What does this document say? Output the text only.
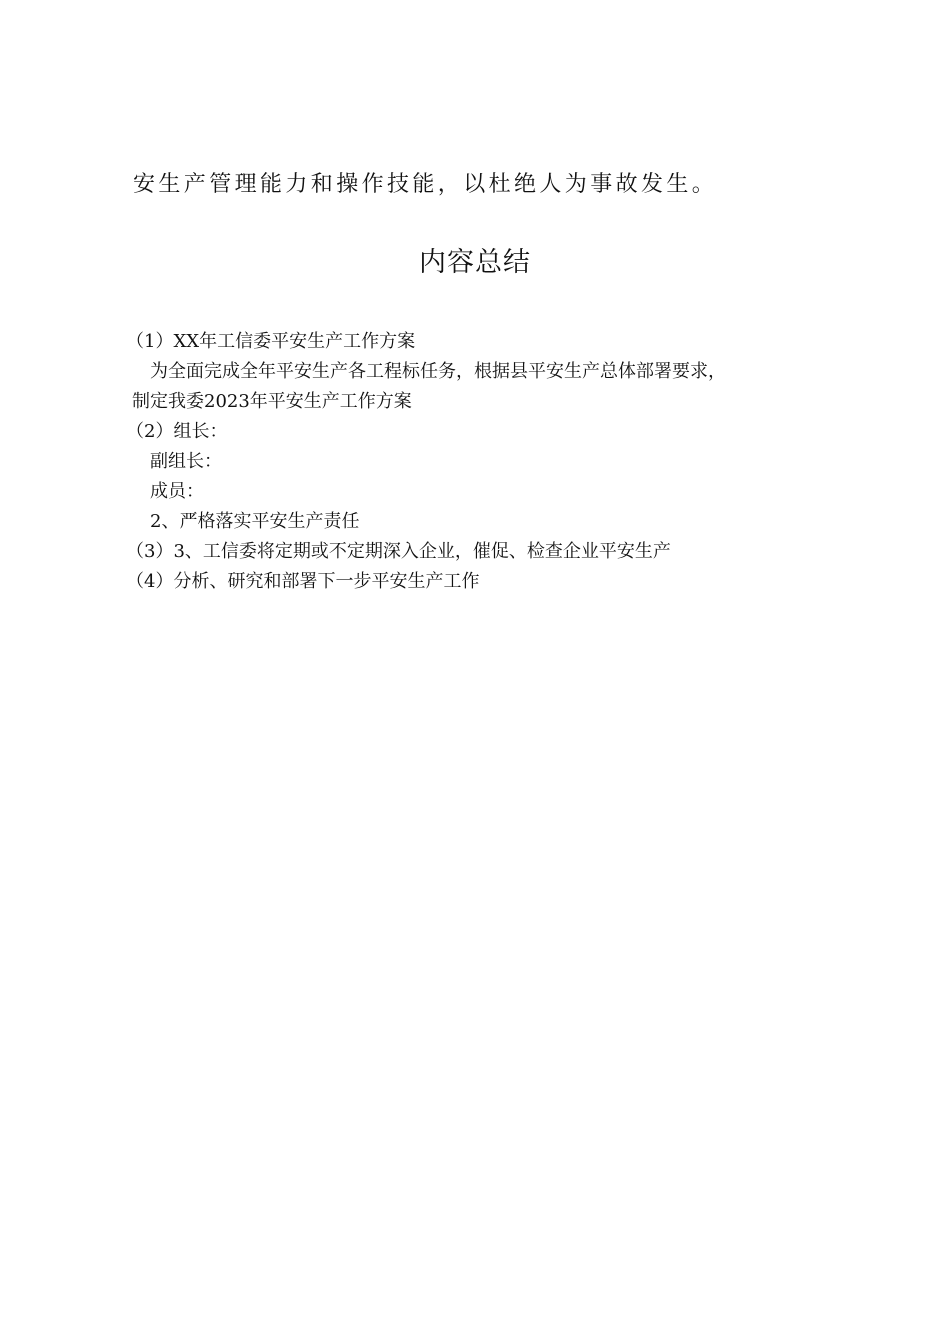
安生产管理能力和操作技能，以杜绝人为事故发生。
内容总结
（1）XX年工信委平安生产工作方案
为全面完成全年平安生产各工程标任务，根据县平安生产总体部署要求，
制定我委2023年平安生产工作方案
（2）组长：
副组长：
成员：
2、严格落实平安生产责任
（3）3、工信委将定期或不定期深入企业，催促、检查企业平安生产
（4）分析、研究和部署下一步平安生产工作
